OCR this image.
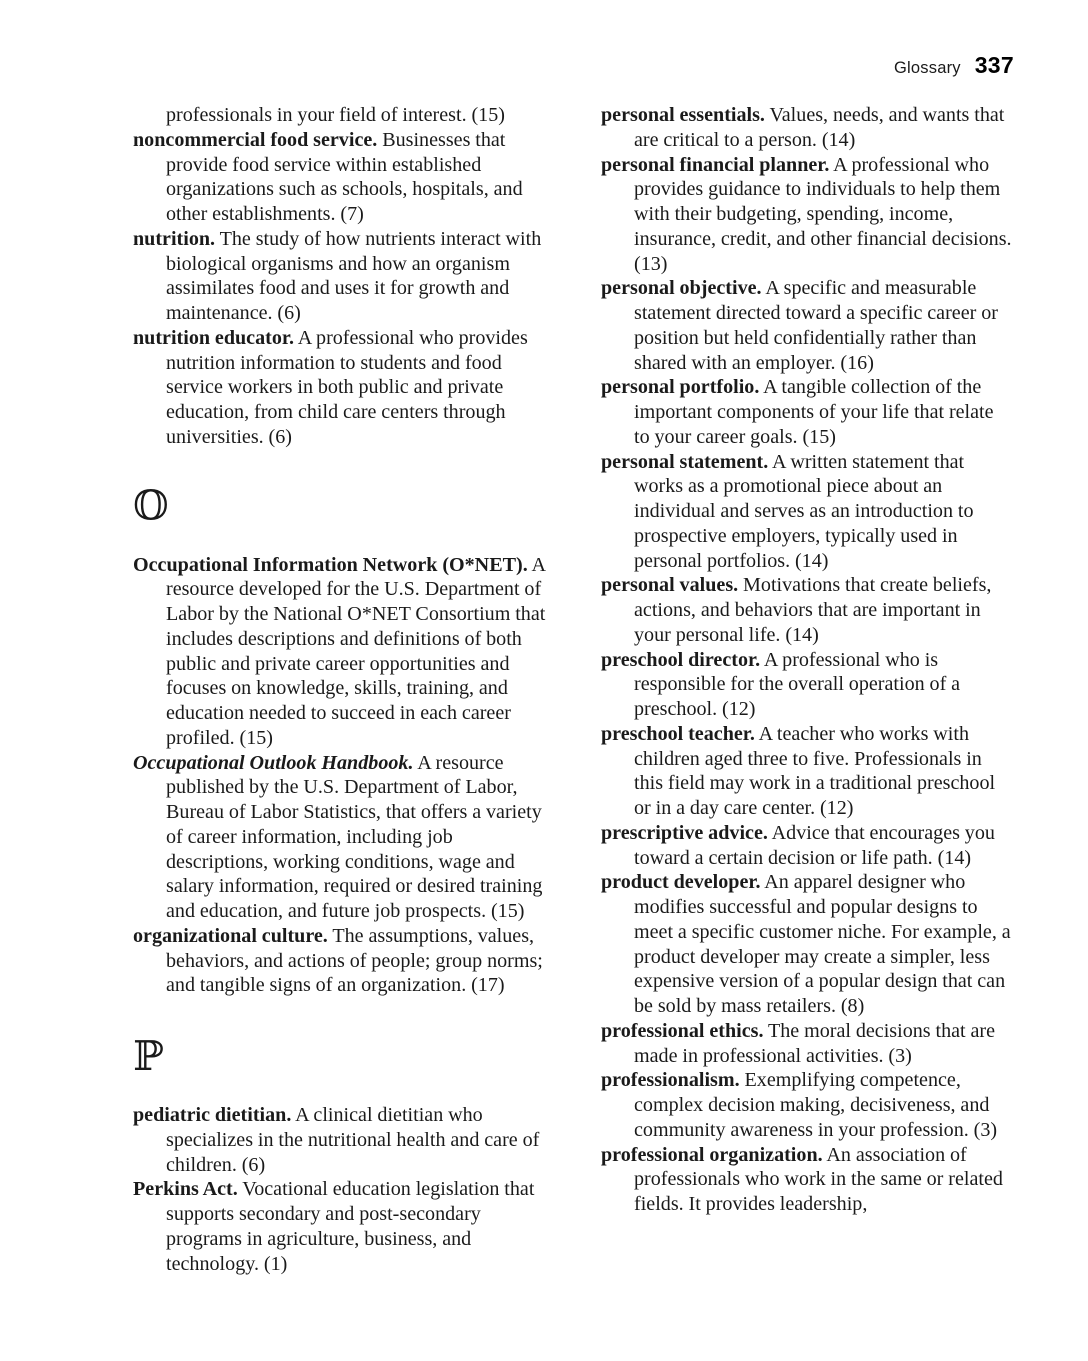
Glossary 337

professionals in your field of interest. (15)

noncommercial food service. Businesses that provide food service within established organizations such as schools, hospitals, and other establishments. (7)

nutrition. The study of how nutrients interact with biological organisms and how an organism assimilates food and uses it for growth and maintenance. (6)

nutrition educator. A professional who provides nutrition information to students and food service workers in both public and private education, from child care centers through universities. (6)

𝕆

Occupational Information Network (O*NET). A resource developed for the U.S. Department of Labor by the National O*NET Consortium that includes descriptions and definitions of both public and private career opportunities and focuses on knowledge, skills, training, and education needed to succeed in each career profiled. (15)

Occupational Outlook Handbook. A resource published by the U.S. Department of Labor, Bureau of Labor Statistics, that offers a variety of career information, including job descriptions, working conditions, wage and salary information, required or desired training and education, and future job prospects. (15)

organizational culture. The assumptions, values, behaviors, and actions of people; group norms; and tangible signs of an organization. (17)

ℙ

pediatric dietitian. A clinical dietitian who specializes in the nutritional health and care of children. (6)

Perkins Act. Vocational education legislation that supports secondary and post-secondary programs in agriculture, business, and technology. (1)

personal essentials. Values, needs, and wants that are critical to a person. (14)

personal financial planner. A professional who provides guidance to individuals to help them with their budgeting, spending, income, insurance, credit, and other financial decisions. (13)

personal objective. A specific and measurable statement directed toward a specific career or position but held confidentially rather than shared with an employer. (16)

personal portfolio. A tangible collection of the important components of your life that relate to your career goals. (15)

personal statement. A written statement that works as a promotional piece about an individual and serves as an introduction to prospective employers, typically used in personal portfolios. (14)

personal values. Motivations that create beliefs, actions, and behaviors that are important in your personal life. (14)

preschool director. A professional who is responsible for the overall operation of a preschool. (12)

preschool teacher. A teacher who works with children aged three to five. Professionals in this field may work in a traditional preschool or in a day care center. (12)

prescriptive advice. Advice that encourages you toward a certain decision or life path. (14)

product developer. An apparel designer who modifies successful and popular designs to meet a specific customer niche. For example, a product developer may create a simpler, less expensive version of a popular design that can be sold by mass retailers. (8)

professional ethics. The moral decisions that are made in professional activities. (3)

professionalism. Exemplifying competence, complex decision making, decisiveness, and community awareness in your profession. (3)

professional organization. An association of professionals who work in the same or related fields. It provides leadership,
